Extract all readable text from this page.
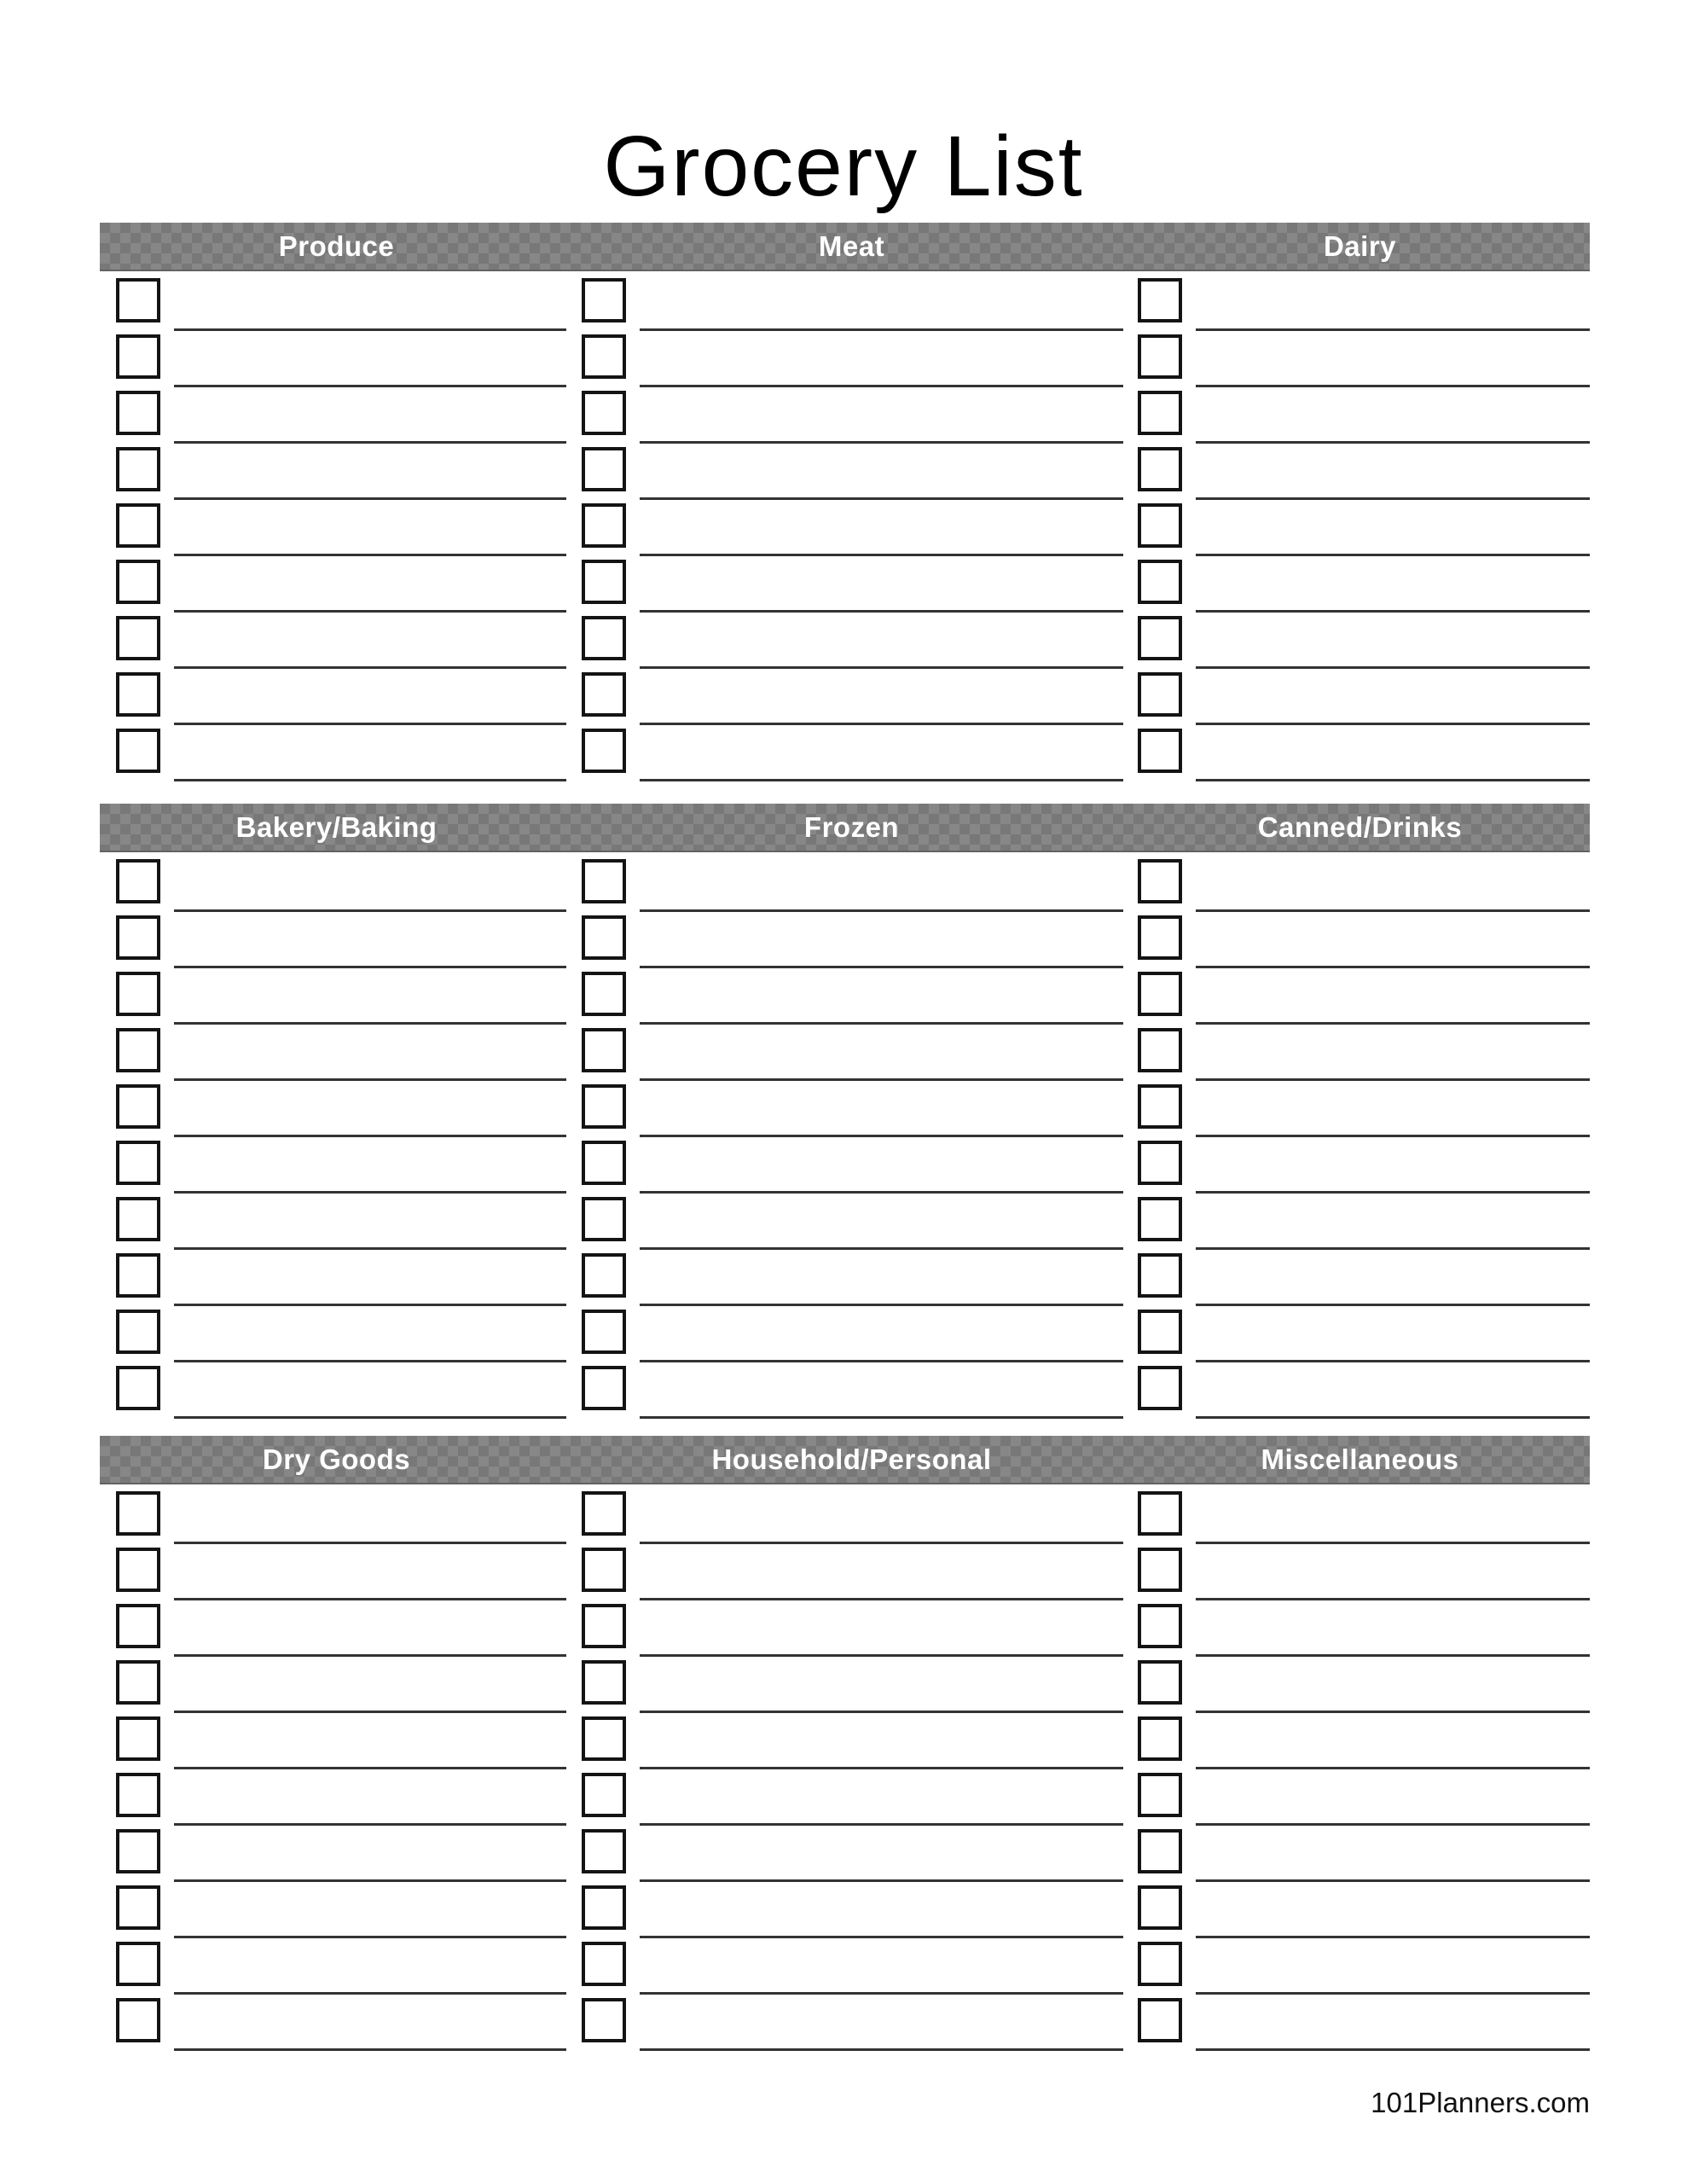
Grocery List
Produce	Meat	Dairy
Bakery/Baking	Frozen	Canned/Drinks
Dry Goods	Household/Personal	Miscellaneous
101Planners.com
